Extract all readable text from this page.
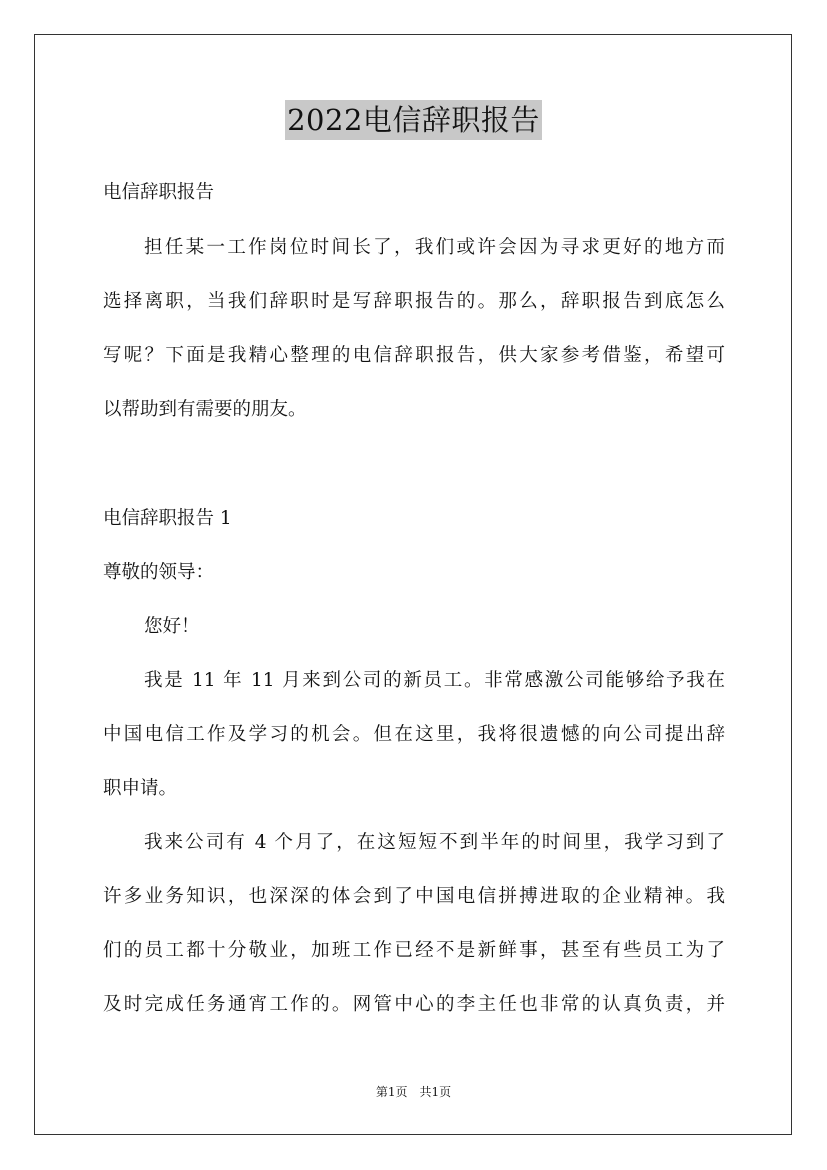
2022电信辞职报告
电信辞职报告
担任某一工作岗位时间长了，我们或许会因为寻求更好的地方而
选择离职，当我们辞职时是写辞职报告的。那么，辞职报告到底怎么
写呢？下面是我精心整理的电信辞职报告，供大家参考借鉴，希望可
以帮助到有需要的朋友。
电信辞职报告 1
尊敬的领导：
您好！
我是 11 年 11 月来到公司的新员工。非常感激公司能够给予我在
中国电信工作及学习的机会。但在这里，我将很遗憾的向公司提出辞
职申请。
我来公司有 4 个月了，在这短短不到半年的时间里，我学习到了
许多业务知识，也深深的体会到了中国电信拼搏进取的企业精神。我
们的员工都十分敬业，加班工作已经不是新鲜事，甚至有些员工为了
及时完成任务通宵工作的。网管中心的李主任也非常的认真负责，并
第1页　共1页
